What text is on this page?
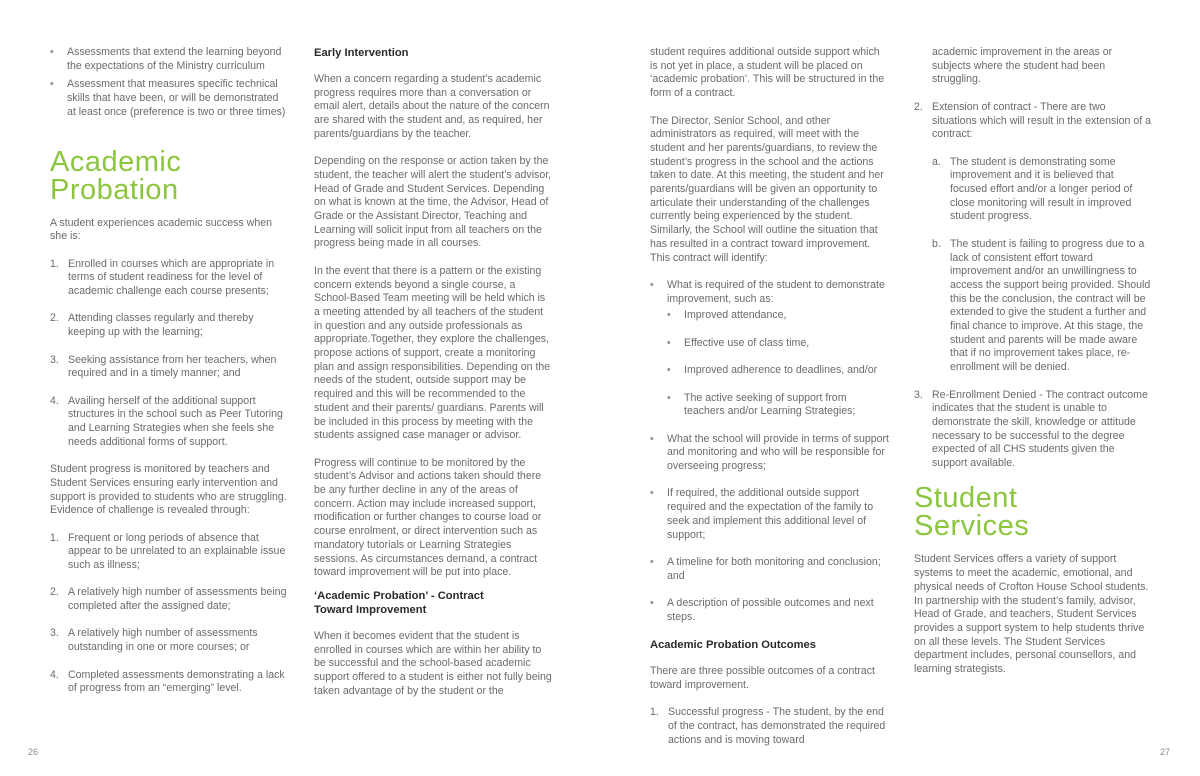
• Assessments that extend the learning beyond the expectations of the Ministry curriculum
• Assessment that measures specific technical skills that have been, or will be demonstrated at least once (preference is two or three times)
Academic
Probation

A student experiences academic success when she is:

1. Enrolled in courses which are appropriate in terms of student readiness for the level of academic challenge each course presents;
2. Attending classes regularly and thereby keeping up with the learning;
3. Seeking assistance from her teachers, when required and in a timely manner; and
4. Availing herself of the additional support structures in the school such as Peer Tutoring and Learning Strategies when she feels she needs additional forms of support.

Student progress is monitored by teachers and Student Services ensuring early intervention and support is provided to students who are struggling. Evidence of challenge is revealed through:

1. Frequent or long periods of absence that appear to be unrelated to an explainable issue such as illness;
2. A relatively high number of assessments being completed after the assigned date;
3. A relatively high number of assessments outstanding in one or more courses; or
4. Completed assessments demonstrating a lack of progress from an “emerging” level.
Early Intervention

When a concern regarding a student’s academic progress requires more than a conversation or email alert, details about the nature of the concern are shared with the student and, as required, her parents/guardians by the teacher.

Depending on the response or action taken by the student, the teacher will alert the student’s advisor, Head of Grade and Student Services. Depending on what is known at the time, the Advisor, Head of Grade or the Assistant Director, Teaching and Learning will solicit input from all teachers on the progress being made in all courses.

In the event that there is a pattern or the existing concern extends beyond a single course, a School-Based Team meeting will be held which is a meeting attended by all teachers of the student in question and any outside professionals as appropriate.Together, they explore the challenges, propose actions of support, create a monitoring plan and assign responsibilities. Depending on the needs of the student, outside support may be required and this will be recommended to the student and their parents/ guardians. Parents will be included in this process by meeting with the students assigned case manager or advisor.

Progress will continue to be monitored by the student’s Advisor and actions taken should there be any further decline in any of the areas of concern. Action may include increased support, modification or further changes to course load or course enrolment, or direct intervention such as mandatory tutorials or Learning Strategies sessions. As circumstances demand, a contract toward improvement will be put into place.

‘Academic Probation’ - Contract
Toward Improvement

When it becomes evident that the student is enrolled in courses which are within her ability to be successful and the school-based academic support offered to a student is either not fully being taken advantage of by the student or the

student requires additional outside support which is not yet in place, a student will be placed on ‘academic probation’. This will be structured in the form of a contract.

The Director, Senior School, and other administrators as required, will meet with the student and her parents/guardians, to review the student’s progress in the school and the actions taken to date. At this meeting, the student and her parents/guardians will be given an opportunity to articulate their understanding of the challenges currently being experienced by the student. Similarly, the School will outline the situation that has resulted in a contract toward improvement. This contract will identify:

• What is required of the student to demonstrate improvement, such as:
• Improved attendance,
• Effective use of class time,
• Improved adherence to deadlines, and/or
• The active seeking of support from teachers and/or Learning Strategies;
• What the school will provide in terms of support and monitoring and who will be responsible for overseeing progress;
• If required, the additional outside support required and the expectation of the family to seek and implement this additional level of support;
• A timeline for both monitoring and conclusion; and
• A description of possible outcomes and next steps.
Academic Probation Outcomes

There are three possible outcomes of a contract toward improvement.

1. Successful progress - The student, by the end of the contract, has demonstrated the required actions and is moving toward

academic improvement in the areas or subjects where the student had been struggling.

2. Extension of contract - There are two situations which will result in the extension of a contract:
a. The student is demonstrating some improvement and it is believed that focused effort and/or a longer period of close monitoring will result in improved student progress.
b. The student is failing to progress due to a lack of consistent effort toward improvement and/or an unwillingness to access the support being provided. Should this be the conclusion, the contract will be extended to give the student a further and final chance to improve. At this stage, the student and parents will be made aware that if no improvement takes place, re-enrollment will be denied.
3. Re-Enrollment Denied - The contract outcome indicates that the student is unable to demonstrate the skill, knowledge or attitude necessary to be successful to the degree expected of all CHS students given the support available.
Student
Services

Student Services offers a variety of support systems to meet the academic, emotional, and physical needs of Crofton House School students. In partnership with the student’s family, advisor, Head of Grade, and teachers, Student Services provides a support system to help students thrive on all these levels. The Student Services department includes, personal counsellors, and learning strategists.

26	27
